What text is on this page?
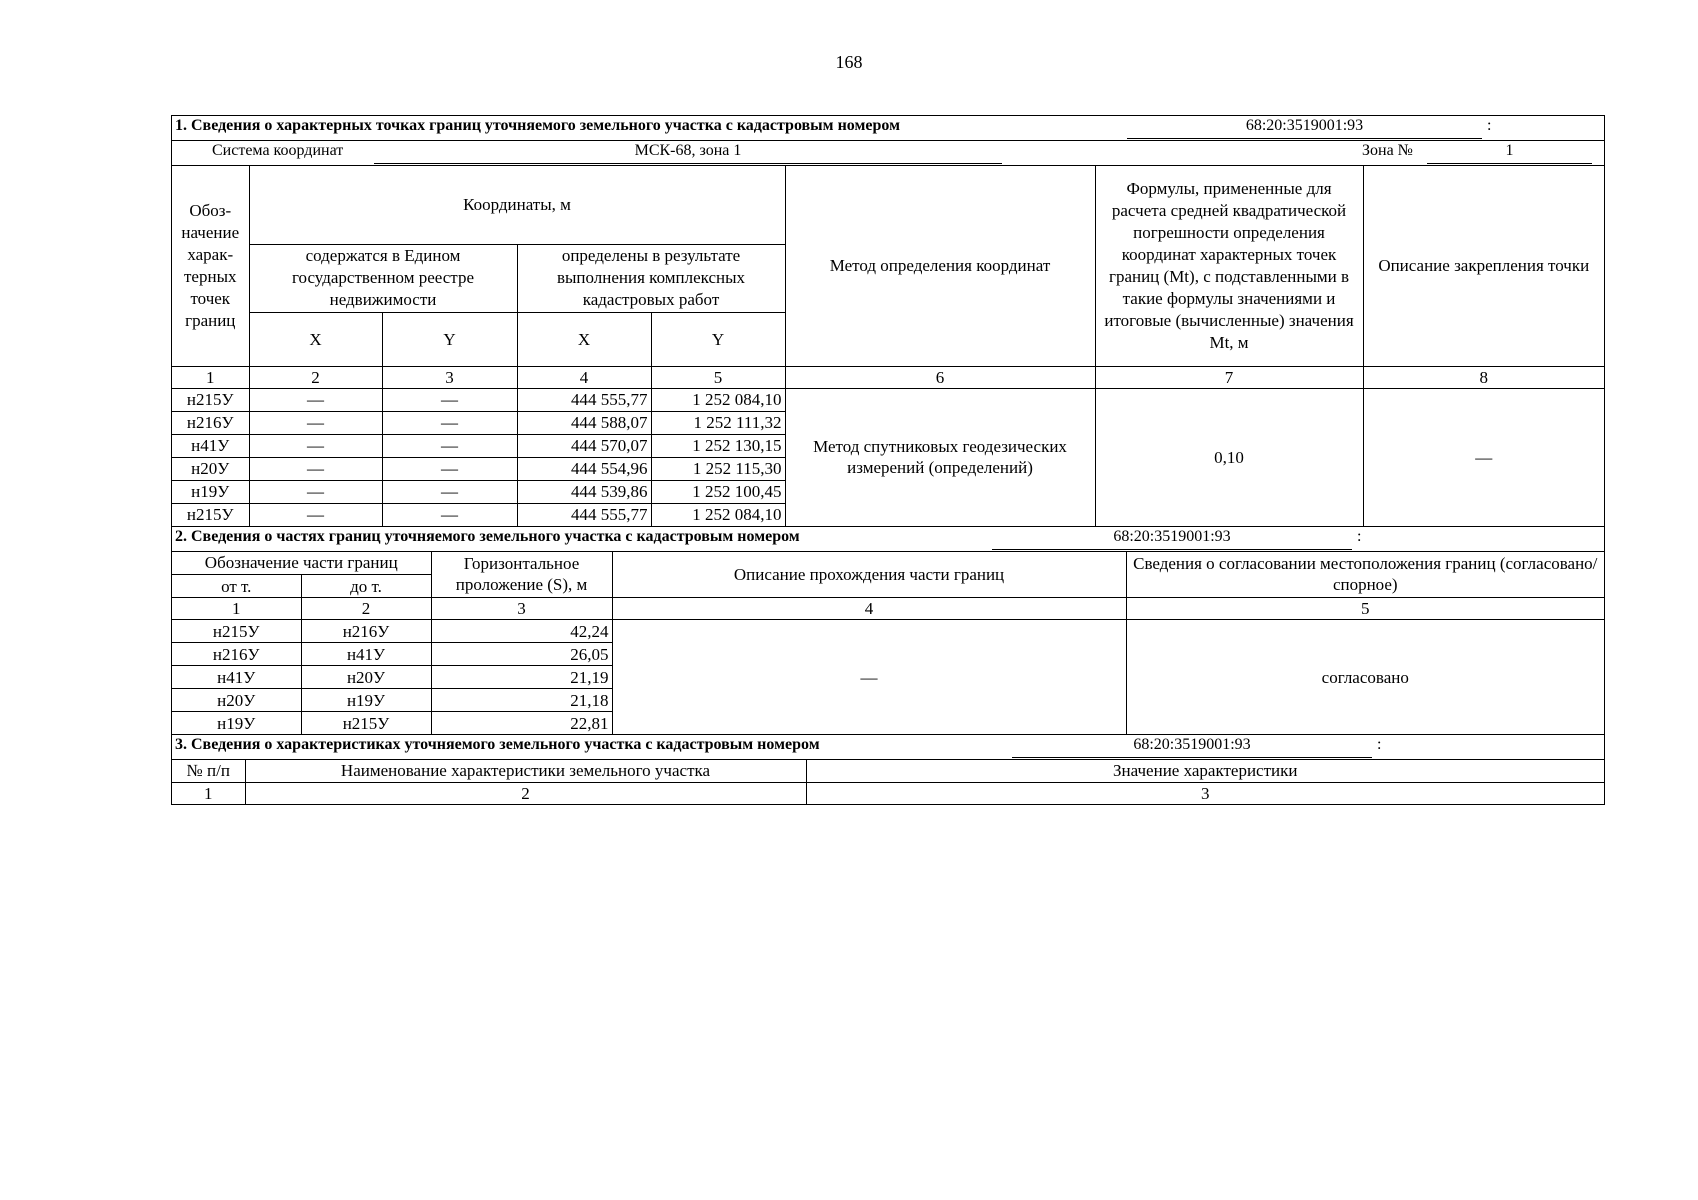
168
1. Сведения о характерных точках границ уточняемого земельного участка с кадастровым номером	68:20:3519001:93	:
Система координат	МСК-68, зона 1	Зона №	1
Обоз-начение харак-терных точек границ	Координаты, м				Метод определения координат	Формулы, примененные для расчета средней квадратической погрешности определения координат характерных точек границ (Mt), с подставленными в такие формулы значениями и итоговые (вычисленные) значения Mt, м	Описание закрепления точки
	содержатся в Едином государственном реестре недвижимости		определены в результате выполнения комплексных кадастровых работ				
	X	Y	X	Y			
1	2	3	4	5	6	7	8
н215У	—	—	444 555,77	1 252 084,10	Метод спутниковых геодезических измерений (определений)	0,10	—
н216У	—	—	444 588,07	1 252 111,32			
н41У	—	—	444 570,07	1 252 130,15			
н20У	—	—	444 554,96	1 252 115,30			
н19У	—	—	444 539,86	1 252 100,45			
н215У	—	—	444 555,77	1 252 084,10			
2. Сведения о частях границ уточняемого земельного участка с кадастровым номером	68:20:3519001:93	:
Обозначение части границ		Горизонтальное проложение (S), м	Описание прохождения части границ	Сведения о согласовании местоположения границ (согласовано/спорное)
от т.	до т.			
1	2	3	4	5
н215У	н216У	42,24	—	согласовано
н216У	н41У	26,05		
н41У	н20У	21,19		
н20У	н19У	21,18		
н19У	н215У	22,81		
3. Сведения о характеристиках уточняемого земельного участка с кадастровым номером	68:20:3519001:93	:
№ п/п	Наименование характеристики земельного участка	Значение характеристики
1	2	3
